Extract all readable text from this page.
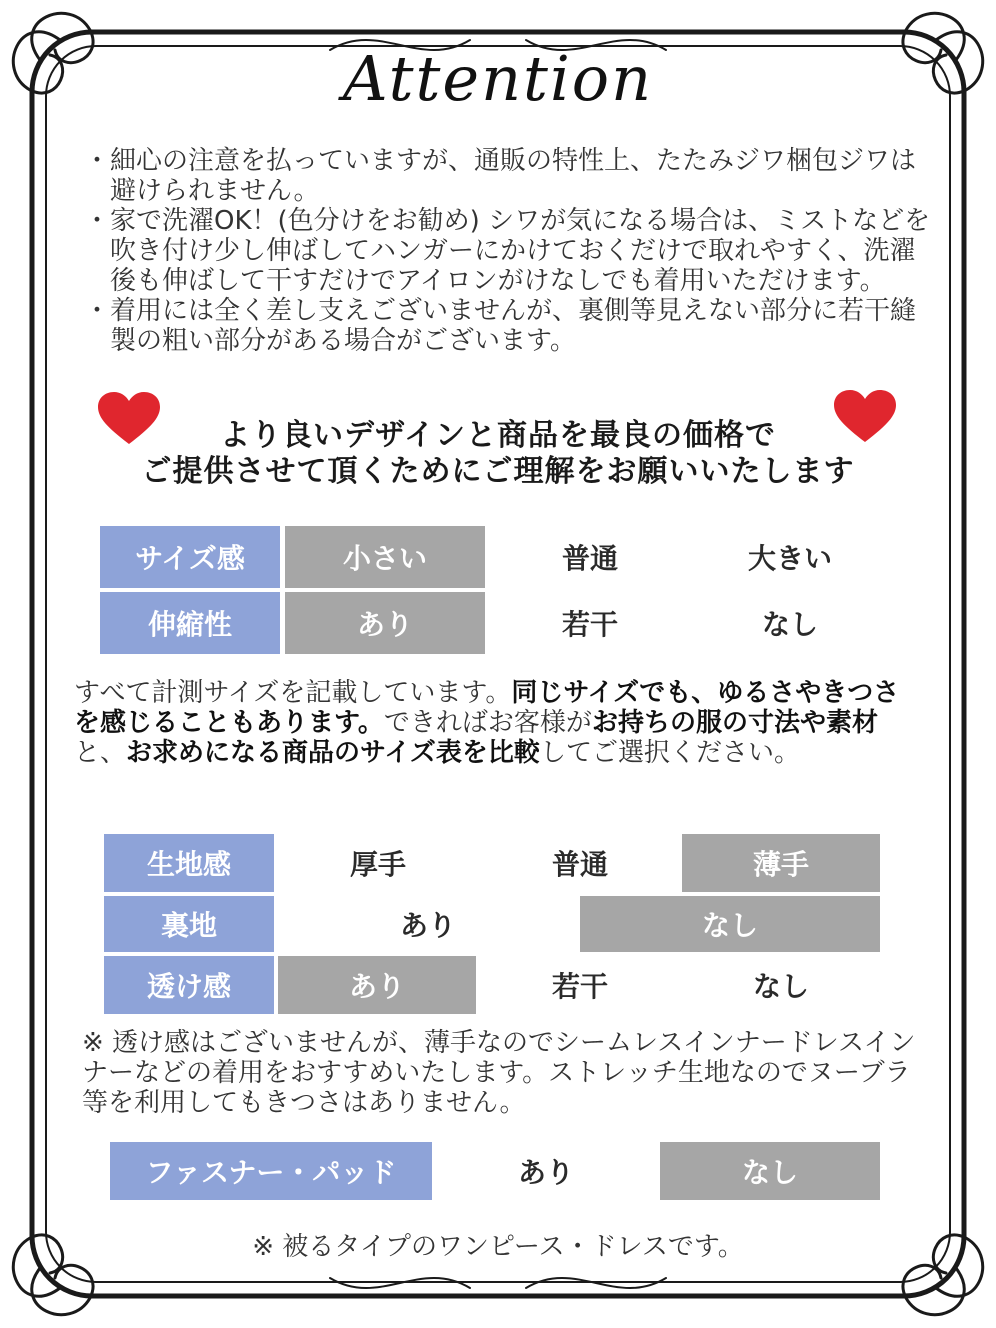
Attention

・ 細心の注意を払っていますが、通販の特性上、たたみジワ梱包ジワは避けられません。

・ 家で洗濯OK！(色分けをお勧め) シワが気になる場合は、ミストなどを吹き付け少し伸ばしてハンガーにかけておくだけで取れやすく、洗濯後も伸ばして干すだけでアイロンがけなしでも着用いただけます。

・ 着用には全く差し支えございませんが、裏側等見えない部分に若干縫製の粗い部分がある場合がございます。

より良いデザインと商品を最良の価格で
ご提供させて頂くためにご理解をお願いいたします
サイズ感	小さい	普通	大きい
伸縮性	あり	若干	なし
すべて計測サイズを記載しています。同じサイズでも、ゆるさやきつさを感じることもあります。できればお客様がお持ちの服の寸法や素材と、お求めになる商品のサイズ表を比較してご選択ください。
生地感	厚手	普通	薄手
裏地	あり	なし
透け感	あり	若干	なし
※ 透け感はございませんが、薄手なのでシームレスインナードレスインナーなどの着用をおすすめいたします。ストレッチ生地なのでヌーブラ等を利用してもきつさはありません。
ファスナー・パッド	あり	なし
※ 被るタイプのワンピース・ドレスです。
